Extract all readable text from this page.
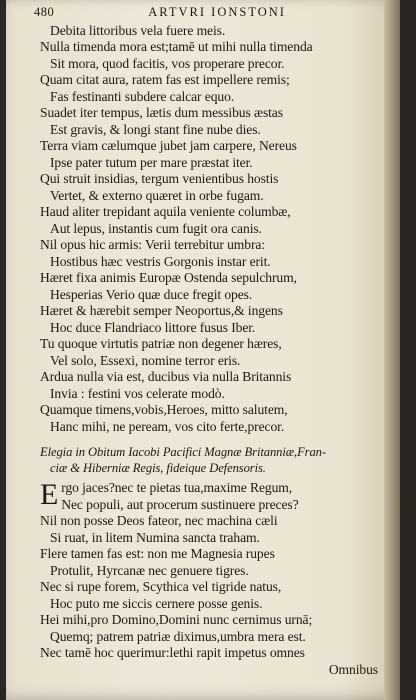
480	ARTVRI IONSTONI
Debita littoribus vela fuere meis.
Nulla timenda mora est;tamē ut mihi nulla timenda
Sit mora, quod facitis, vos properare precor.
Quam citat aura, ratem fas est impellere remis;
Fas festinanti subdere calcar equo.
Suadet iter tempus, lætis dum messibus æstas
Est gravis, & longi stant fine nube dies.
Terra viam cælumque jubet jam carpere, Nereus
Ipse pater tutum per mare præstat iter.
Qui struit insidias, tergum venientibus hostis
Vertet, & externo quæret in orbe fugam.
Haud aliter trepidant aquila veniente columbæ,
Aut lepus, instantis cum fugit ora canis.
Nil opus hic armis: Verii terrebitur umbra:
Hostibus hæc vestris Gorgonis instar erit.
Hæret fixa animis Europæ Ostenda sepulchrum,
Hesperias Verio quæ duce fregit opes.
Hæret & hærebit semper Neoportus,& ingens
Hoc duce Flandriaco littore fusus Iber.
Tu quoque virtutis patriæ non degener hæres,
Vel solo, Essexi, nomine terror eris.
Ardua nulla via est, ducibus via nulla Britannis
Invia : festini vos celerate modò.
Quamque timens,vobis,Heroes, mitto salutem,
Hanc mihi, ne peream, vos cito ferte,precor.
Elegia in Obitum Iacobi Pacifici Magnæ Britanniæ,Fran-
ciæ & Hiberniæ Regis, fideique Defensoris.
E rgo jaces?nec te pietas tua,maxime Regum,
Nec populi, aut procerum sustinuere preces?
Nil non posse Deos fateor, nec machina cæli
Si ruat, in litem Numina sancta traham.
Flere tamen fas est: non me Magnesia rupes
Protulit, Hyrcanæ nec genuere tigres.
Nec si rupe forem, Scythica vel tigride natus,
Hoc puto me siccis cernere posse genis.
Hei mihi,pro Domino,Domini nunc cernimus urnā;
Quemq; patrem patriæ diximus,umbra mera est.
Nec tamē hoc querimur:lethi rapit impetus omnes
Omnibus
